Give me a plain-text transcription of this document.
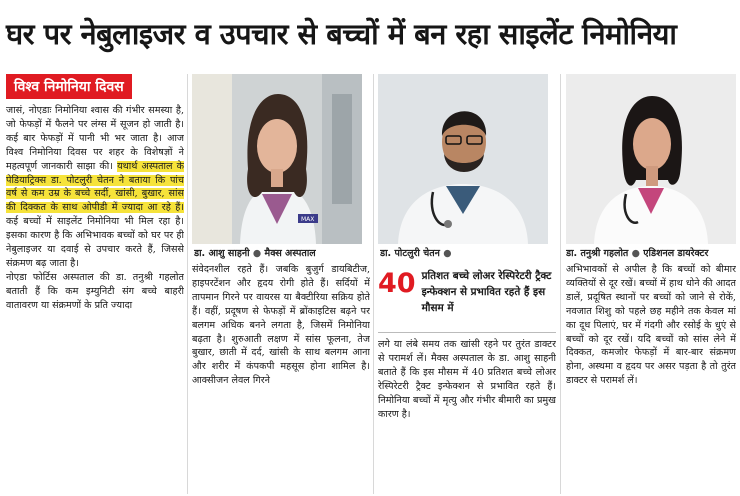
घर पर नेबुलाइजर व उपचार से बच्चों में बन रहा साइलेंट निमोनिया
विश्व निमोनिया दिवस
जासं, नोएडाः निमोनिया श्वास की गंभीर समस्या है, जो फेफड़ों में फैलने पर लंग्स में सूजन हो जाती है। कई बार फेफड़ों में पानी भी भर जाता है। आज विश्व निमोनिया दिवस पर शहर के विशेषज्ञों ने महत्वपूर्ण जानकारी साझा की। यथार्थ अस्पताल के पेडियाट्रिक्स डा. पोटलुरी चेतन ने बताया कि पांच वर्ष से कम उम्र के बच्चे सर्दी, खांसी, बुखार, सांस की दिक्कत के साथ ओपीडी में ज्यादा आ रहे हैं। कई बच्चों में साइलेंट निमोनिया भी मिल रहा है। इसका कारण है कि अभिभावक बच्चों को घर पर ही नेबुलाइजर या दवाई से उपचार करते हैं, जिससे संक्रमण बढ़ जाता है।
नोएडा फोर्टिस अस्पताल की डा. तनुश्री गहलोत बताती हैं कि कम इम्युनिटी संग बच्चे बाहरी वातावरण या संक्रमणों के प्रति ज्यादा
MAX
डा. आशु साहनी ● मैक्स अस्पताल	डा. पोटलुरी चेतन ●	डा. तनुश्री गहलोत ● एडिशनल डायरेक्टर
संवेदनशील रहते हैं। जबकि बुजुर्ग डायबिटीज, हाइपरटेंशन और हृदय रोगी होते हैं। सर्दियों में तापमान गिरने पर वायरस या बैक्टीरिया सक्रिय होते हैं। वहीं, प्रदूषण से फेफड़ों में ब्रोंकाइटिस बढ़ने पर बलगम अधिक बनने लगता है, जिसमें निमोनिया बढ़ता है। शुरुआती लक्षण में सांस फूलना, तेज बुखार, छाती में दर्द, खांसी के साथ बलगम आना और शरीर में कंपकपी महसूस होना शामिल है। आक्सीजन लेवल गिरने
40 प्रतिशत बच्चे लोअर रेस्पिरेटरी ट्रैक्ट इन्फेक्शन से प्रभावित रहते हैं इस मौसम में
लगे या लंबे समय तक खांसी रहने पर तुरंत डाक्टर से परामर्श लें। मैक्स अस्पताल के डा. आशु साहनी बताते हैं कि इस मौसम में 40 प्रतिशत बच्चे लोअर रेस्पिरेटरी ट्रैक्ट इन्फेक्शन से प्रभावित रहते हैं। निमोनिया बच्चों में मृत्यु और गंभीर बीमारी का प्रमुख कारण है।
अभिभावकों से अपील है कि बच्चों को बीमार व्यक्तियों से दूर रखें। बच्चों में हाथ धोने की आदत डालें, प्रदूषित स्थानों पर बच्चों को जाने से रोकें, नवजात शिशु को पहले छह महीने तक केवल मां का दूध पिलाएं, घर में गंदगी और रसोई के धुएं से बच्चों को दूर रखें। यदि बच्चों को सांस लेने में दिक्कत, कमजोर फेफड़ों में बार-बार संक्रमण होना, अस्थमा व हृदय पर असर पड़ता है तो तुरंत डाक्टर से परामर्श लें।
